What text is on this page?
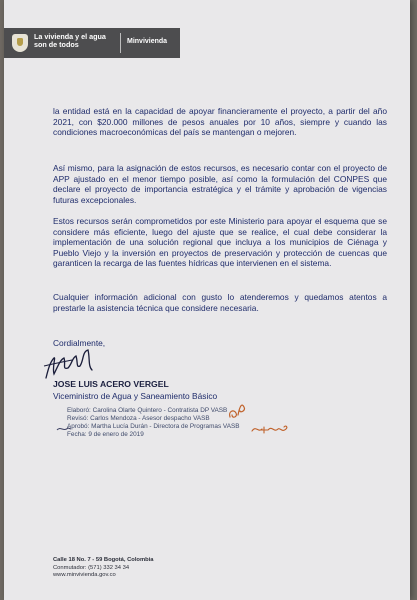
La vivienda y el agua son de todos	Minvivienda

la entidad está en la capacidad de apoyar financieramente el proyecto, a partir del año 2021, con $20.000 millones de pesos anuales por 10 años, siempre y cuando las condiciones macroeconómicas del país se mantengan o mejoren.

Así mismo, para la asignación de estos recursos, es necesario contar con el proyecto de APP ajustado en el menor tiempo posible, así como la formulación del CONPES que declare el proyecto de importancia estratégica y el trámite y aprobación de vigencias futuras excepcionales.

Estos recursos serán comprometidos por este Ministerio para apoyar el esquema que se considere más eficiente, luego del ajuste que se realice, el cual debe considerar la implementación de una solución regional que incluya a los municipios de Ciénaga y Pueblo Viejo y la inversión en proyectos de preservación y protección de cuencas que garanticen la recarga de las fuentes hídricas que intervienen en el sistema.

Cualquier información adicional con gusto lo atenderemos y quedamos atentos a prestarle la asistencia técnica que considere necesaria.

Cordialmente,
JOSE LUIS ACERO VERGEL
Viceministro de Agua y Saneamiento Básico
Elaboró: Carolina Olarte Quintero - Contratista DP VASB
Revisó: Carlos Mendoza - Asesor despacho VASB
Aprobó: Martha Lucía Durán - Directora de Programas VASB
Fecha: 9 de enero de 2019
Calle 18 No. 7 - 59 Bogotá, Colombia
Conmutador: (571) 332 34 34
www.minvivienda.gov.co
